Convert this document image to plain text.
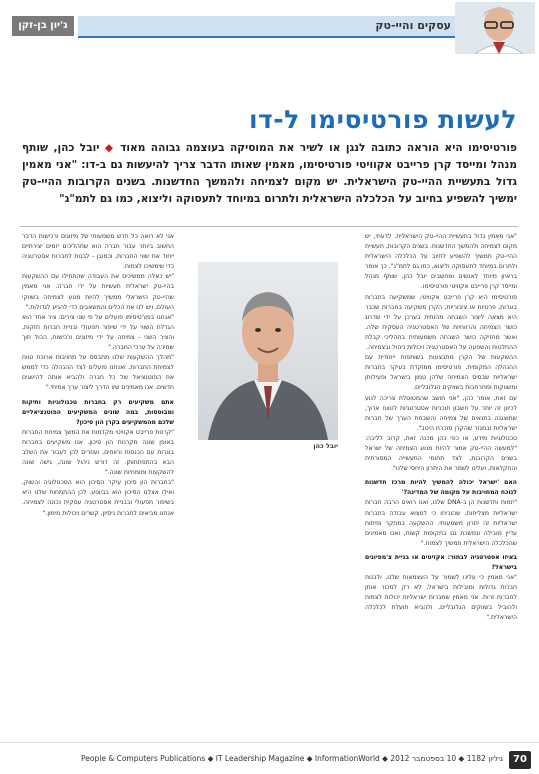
ג'יון בן-זקן	עסקים והיי-טק
לעשות פורטיסימו ל-דו
פורטיסימו היא הוראה כתובה לנגן או לשיר את המוסיקה בעוצמה גבוהה מאוד ◆ יובל כהן, שותף מנהל ומייסד קרן פרייבט אקוויטי פורטיסימו, מאמין שאותו הדבר צריך להיעשות גם ב-דו: "אני מאמין גדול בתעשיית ההיי-טק הישראלית. יש מקום לצמיחה ולהמשך החדשנות. בשנים הקרובות ההיי-טק ימשיך להשפיע בחיוב על הכלכלה הישראלית ולתרום במיוחד לתעסוקה וליצוא, כמו גם לתמ"ג"

"אני מאמין גדול בתעשיית ההיי-טק הישראלית. לדעתי, יש מקום לצמיחה ולהמשך החדשנות. בשנים הקרובות, תעשיית ההיי-טק תמשיך להשפיע לחיוב על הכלכלה הישראלית ולתרום במיוחד לתעסוקה וליצוא, כמו גם לתמ"ג", כך אומר בראיון מיוחד לאנשים ומחשבים יובל כהן, שותף מנהל ומייסד קרן פרייבט אקוויטי פורטיסימו.

פורטיסימו היא קרן פרייבט אקוויטי, שמשקיעה בחברות בוגרות, פרטיות או ציבוריות, הקרן משקיעה בחברות שכבר היא מצאה ליצור השבחה מהותית בערכן על ידי שדרוג כושר הצמיחה והרווחיות של האסטרטגיה העסקית שלה. ואשר מחזיקה כושר השבחה משמעותית בתהליכי קבלת ההחלטות והשפעה על האסטרטגיה ויכולות ניהול ובצמיחה.

ההשקעות של הקרן מתבצעות בשותפות ייחודית עם ההנהלה המקומית. פורטיסימו ממוקדת בעיקר בחברות ישראליות שבסיס הצמיחה שלהן טמון בישראל ופעילותן ומשווקות ומתרחבות בשווקים הגלובליים.

עם זאת, אומר כהן, "אני חושב שהמטוטלת צריכה לנוע לכיוון זה יותר על חשבון תוכניות אסטרטגיות לטווח ארוך, שתוצגנה בתנאים של צמיחה והשבחת הערך של חברות ישראליות ובמגזר שהקרן מוכרת היטב".

טכנולוגיות מידע, או כפי כהן מכנה זאת, קרוב לליבה: "למעשה ההיי-טק אמור להיות מנוע הצמיחה של ישראל בשנים הקרובות, לצד תחומי התעשייה המסורתית והחקלאות, ועלינו לשמר את היתרון היחסי שלנו".

האם 'ישראל יכולה להמשיך להיות מרכז חדשנות לנוכח המחויבות על מקומה של המדינה?'

"יזמות וחדשנות הן ב-DNA שלנו, ואנו רואים הרבה חברות ישראליות מצליחות, שהוכיחו כי למצוא עבודה בחברות ישראליות זה יתרון משמעותי. ההשקעה במחקר ופיתוח עדיין מובילה ונמשכת גם בתקופות קשות, ואנו מאמינים שהכלכלה הישראלית תמשיך לצמוח."

באיזו אסטרטגיה לבחור: אקזיטים או בניית צ'מפיונים בישראל?

"אני מאמין כי עלינו לשמור על העצמאות שלנו, ולבנות חברות גדולות ומובילות בישראל, לא רק למכור אותן לחברות זרות. אני מאמין שחברות ישראליות יכולות לצמוח ולהוביל בשווקים הגלובליים, ולהביא תועלת לכלכלה הישראלית."

יובל כהן

אני לא רואה כל חדש משמעותי של מיזוגים ורכישות הדבר החשוב ביותר עבור חברה הוא שתהליכים יזמים יצירתיים ייחוד את שווי החברות, וכמובן - לבנות לחברות אסטרטגיה כדי שימשיכו לצמוח.

"יש כאלה ממשיכים את העבודה שהתחילו עם ההשקעות בהיי-טק ישראלית תעשיות על ידי חברה. אני מאמין שהיי-טק הישראלי ממשיך להיות מנוע לצמיחה בשווקי העולם, ויש לנו את הכלים והמשאבים כדי להגיע לגדולות."

"אנחנו בפורטיסימו פועלים על פי שני צירים: ציר אחד הוא הגדלת השווי על ידי שיפור תפעולי ובניית חברות חזקות, והציר השני - צמיחה על ידי מיזוגים ורכישות, הכול תוך שמירה על ערכי החברה."

"מהלך ההשקעות שלנו מתבסס על מחויבות ארוכת טווח לצמיחת החברות, ואנחנו פועלים לצד ההנהלה כדי לממש את הפוטנציאל של כל חברה ולהביא אותה להישגים חדשים. אנו מאמינים שזו הדרך ליצור ערך אמיתי."

אתם משקיעים רק בחברות טכנולוגיות ותיקות ומבוססות, במה שונים המשקיעים הפוטנציאליים שלכם מהמשקיעים בקרן הון סיכון?

"קרנות פרייבט אקוויטי מקדמות את המשך צמיחת החברות באופן שונה מקרנות הון סיכון. אנו משקיעים בחברות בוגרות עם הכנסות ורווחים, ועוזרים להן לעבור את השלב הבא בהתפתחותן. זה דורש ניהול שונה, גישה שונה להשקעות ומומחיות שונה."

"בחברות הון סיכון עיקר הסיכון הוא הטכנולוגיה והשוק, ואילו אצלנו הסיכון הוא בביצוע. לכן ההתמחות שלנו היא בשיפור תפעולי ובבניית אסטרטגיה עסקית נכונה לצמיחה. אנחנו מביאים לחברות ניסיון, קשרים ויכולות מימון."

70
People & Computers Publications ◆ IT Leadership Magazine ◆ InformationWorld ◆ 2012 גיליון 1182 ◆ 10 בספטמבר
